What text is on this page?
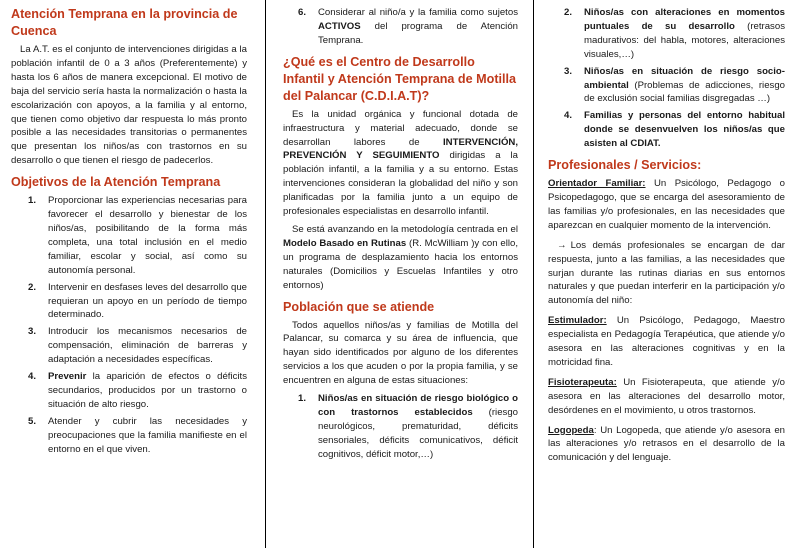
Atención Temprana en la provincia de Cuenca

La A.T. es el conjunto de intervenciones dirigidas a la población infantil de 0 a 3 años (Preferentemente) y hasta los 6 años de manera excepcional. El motivo de baja del servicio sería hasta la normalización o hasta la escolarización con apoyos, a la familia y al entorno, que tienen como objetivo dar respuesta lo más pronto posible a las necesidades transitorias o permanentes que presentan los niños/as con trastornos en su desarrollo o que tienen el riesgo de padecerlos.

Objetivos de la Atención Temprana
1.	Proporcionar las experiencias necesarias para favorecer el desarrollo y bienestar de los niños/as, posibilitando de la forma más completa, una total inclusión en el medio familiar, escolar y social, así como su autonomía personal.
2.	Intervenir en desfases leves del desarrollo que requieran un apoyo en un período de tiempo determinado.
3.	Introducir los mecanismos necesarios de compensación, eliminación de barreras y adaptación a necesidades específicas.
4.	Prevenir la aparición de efectos o déficits secundarios, producidos por un trastorno o situación de alto riesgo.
5.	Atender y cubrir las necesidades y preocupaciones que la familia manifieste en el entorno en el que viven.
6.	Considerar al niño/a y la familia como sujetos ACTIVOS del programa de Atención Temprana.
¿Qué es el Centro de Desarrollo Infantil y Atención Temprana de Motilla del Palancar (C.D.I.A.T)?

Es la unidad orgánica y funcional dotada de infraestructura y material adecuado, donde se desarrollan labores de INTERVENCIÓN, PREVENCIÓN Y SEGUIMIENTO dirigidas a la población infantil, a la familia y a su entorno. Estas intervenciones consideran la globalidad del niño y son planificadas por la familia junto a un equipo de profesionales especialistas en desarrollo infantil.

Se está avanzando en la metodología centrada en el Modelo Basado en Rutinas (R. McWilliam )y con ello, un programa de desplazamiento hacia los entornos naturales (Domicilios y Escuelas Infantiles y otro entornos)

Población que se atiende

Todos aquellos niños/as y familias de Motilla del Palancar, su comarca y su área de influencia, que hayan sido identificados por alguno de los diferentes servicios a los que acuden o por la propia familia, y se encuentren en alguna de estas situaciones:

1.	Niños/as en situación de riesgo biológico o con trastornos establecidos (riesgo neurológicos, prematuridad, déficits sensoriales, déficits comunicativos, déficit cognitivos, déficit motor,…)
2.	Niños/as con alteraciones en momentos puntuales de su desarrollo (retrasos madurativos: del habla, motores, alteraciones visuales,…)
3.	Niños/as en situación de riesgo socio-ambiental (Problemas de adicciones, riesgo de exclusión social familias disgregadas …)
4.	Familias y personas del entorno habitual donde se desenvuelven los niños/as que asisten al CDIAT.
Profesionales / Servicios:

Orientador Familiar: Un Psicólogo, Pedagogo o Psicopedagogo, que se encarga del asesoramiento de las familias y/o profesionales, en las necesidades que aparezcan en cualquier momento de la intervención.

→ Los demás profesionales se encargan de dar respuesta, junto a las familias, a las necesidades que surjan durante las rutinas diarias en sus entornos naturales y que puedan interferir en la participación y/o autonomía del niño:

Estimulador: Un Psicólogo, Pedagogo, Maestro especialista en Pedagogía Terapéutica, que atiende y/o asesora en las alteraciones cognitivas y en la motricidad fina.

Fisioterapeuta: Un Fisioterapeuta, que atiende y/o asesora en las alteraciones del desarrollo motor, desórdenes en el movimiento, u otros trastornos.

Logopeda: Un Logopeda, que atiende y/o asesora en las alteraciones y/o retrasos en el desarrollo de la comunicación y del lenguaje.
